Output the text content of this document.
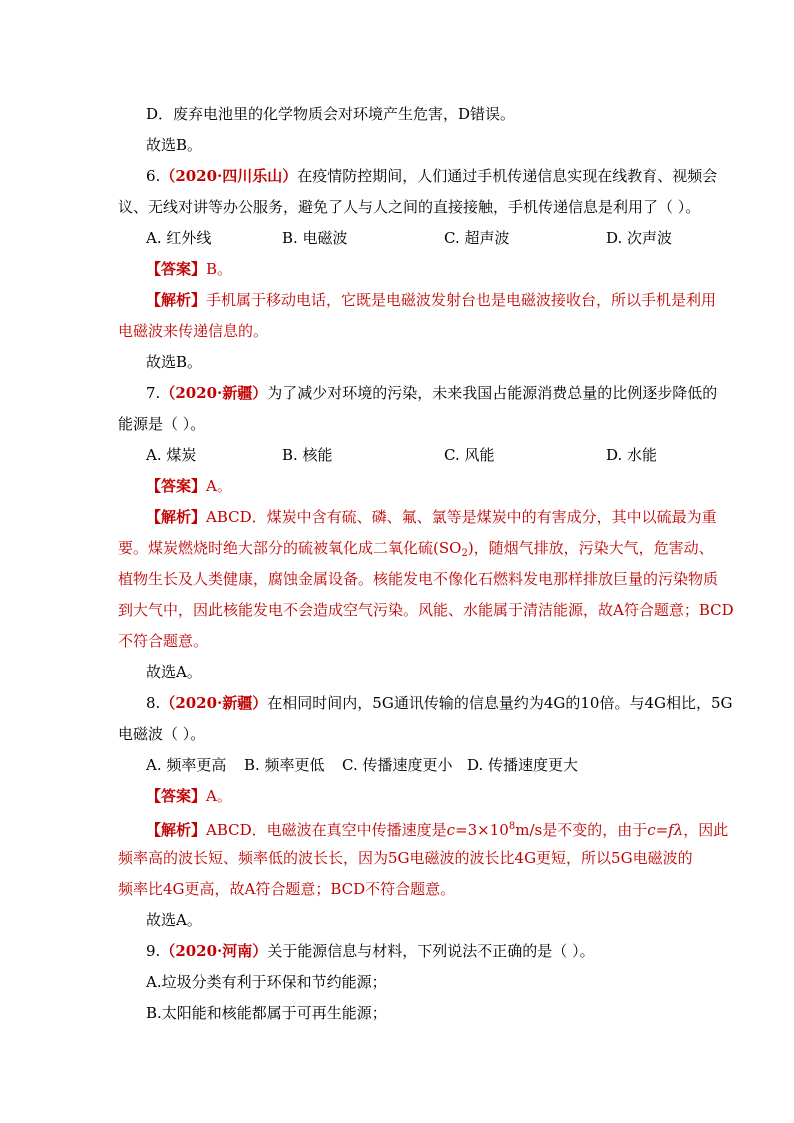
D．废弃电池里的化学物质会对环境产生危害，D错误。
故选B。
6.（2020·四川乐山）在疫情防控期间，人们通过手机传递信息实现在线教育、视频会
议、无线对讲等办公服务，避免了人与人之间的直接接触，手机传递信息是利用了（ ）。
A. 红外线	B. 电磁波	C. 超声波	D. 次声波
【答案】B。
【解析】手机属于移动电话，它既是电磁波发射台也是电磁波接收台，所以手机是利用
电磁波来传递信息的。
故选B。
7.（2020·新疆）为了减少对环境的污染，未来我国占能源消费总量的比例逐步降低的
能源是（ ）。
A. 煤炭	B. 核能	C. 风能	D. 水能
【答案】A。
【解析】ABCD．煤炭中含有硫、磷、氟、氯等是煤炭中的有害成分，其中以硫最为重
要。煤炭燃烧时绝大部分的硫被氧化成二氧化硫$(SO_2)$，随烟气排放，污染大气，危害动、
植物生长及人类健康，腐蚀金属设备。核能发电不像化石燃料发电那样排放巨量的污染物质
到大气中，因此核能发电不会造成空气污染。风能、水能属于清洁能源，故A符合题意；BCD
不符合题意。
故选A。
8.（2020·新疆）在相同时间内，5G通讯传输的信息量约为4G的10倍。与4G相比，5G
电磁波（ ）。
A. 频率更高 B. 频率更低 C. 传播速度更小 D. 传播速度更大
【答案】A。
【解析】ABCD．电磁波在真空中传播速度是$c=3\times 10^8m/s$是不变的，由于c=fλ，因此
频率高的波长短、频率低的波长长，因为5G电磁波的波长比4G更短，所以5G电磁波的
频率比4G更高，故A符合题意；BCD不符合题意。
故选A。
9.（2020·河南）关于能源信息与材料，下列说法不正确的是（ ）。
A.垃圾分类有利于环保和节约能源；
B.太阳能和核能都属于可再生能源；
